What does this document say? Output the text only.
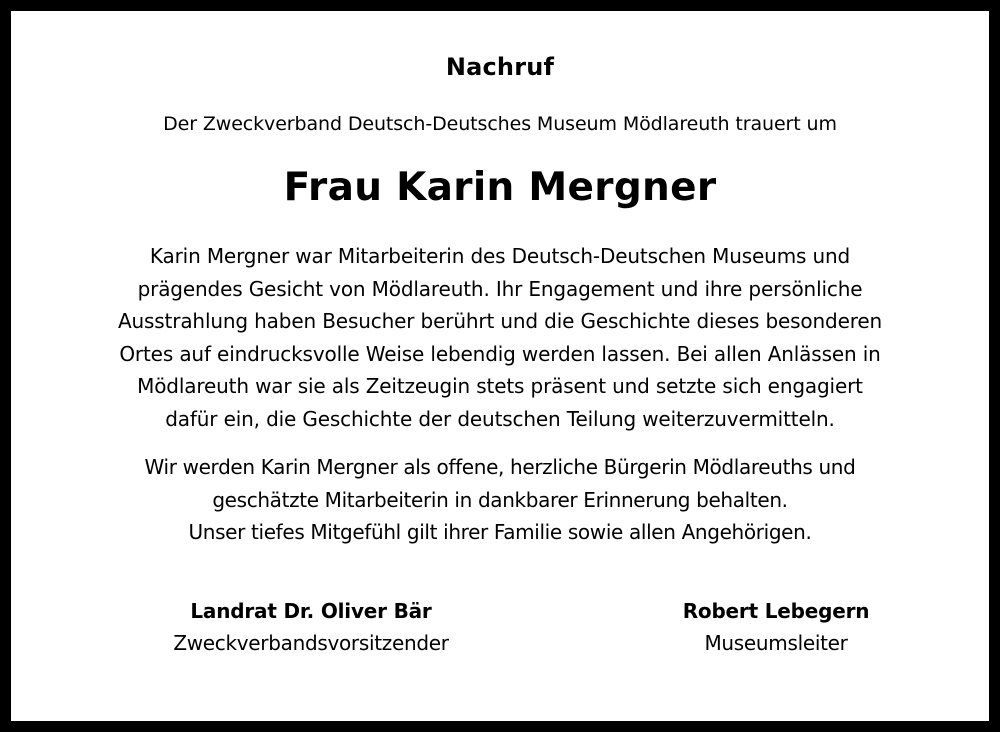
Nachruf
Der Zweckverband Deutsch-Deutsches Museum Mödlareuth trauert um
Frau Karin Mergner
Karin Mergner war Mitarbeiterin des Deutsch-Deutschen Museums und
prägendes Gesicht von Mödlareuth. Ihr Engagement und ihre persönliche
Ausstrahlung haben Besucher berührt und die Geschichte dieses besonderen
Ortes auf eindrucksvolle Weise lebendig werden lassen. Bei allen Anlässen in
Mödlareuth war sie als Zeitzeugin stets präsent und setzte sich engagiert
dafür ein, die Geschichte der deutschen Teilung weiterzuvermitteln.
Wir werden Karin Mergner als offene, herzliche Bürgerin Mödlareuths und
geschätzte Mitarbeiterin in dankbarer Erinnerung behalten.
Unser tiefes Mitgefühl gilt ihrer Familie sowie allen Angehörigen.
Landrat Dr. Oliver Bär
Zweckverbandsvorsitzender
Robert Lebegern
Museumsleiter
